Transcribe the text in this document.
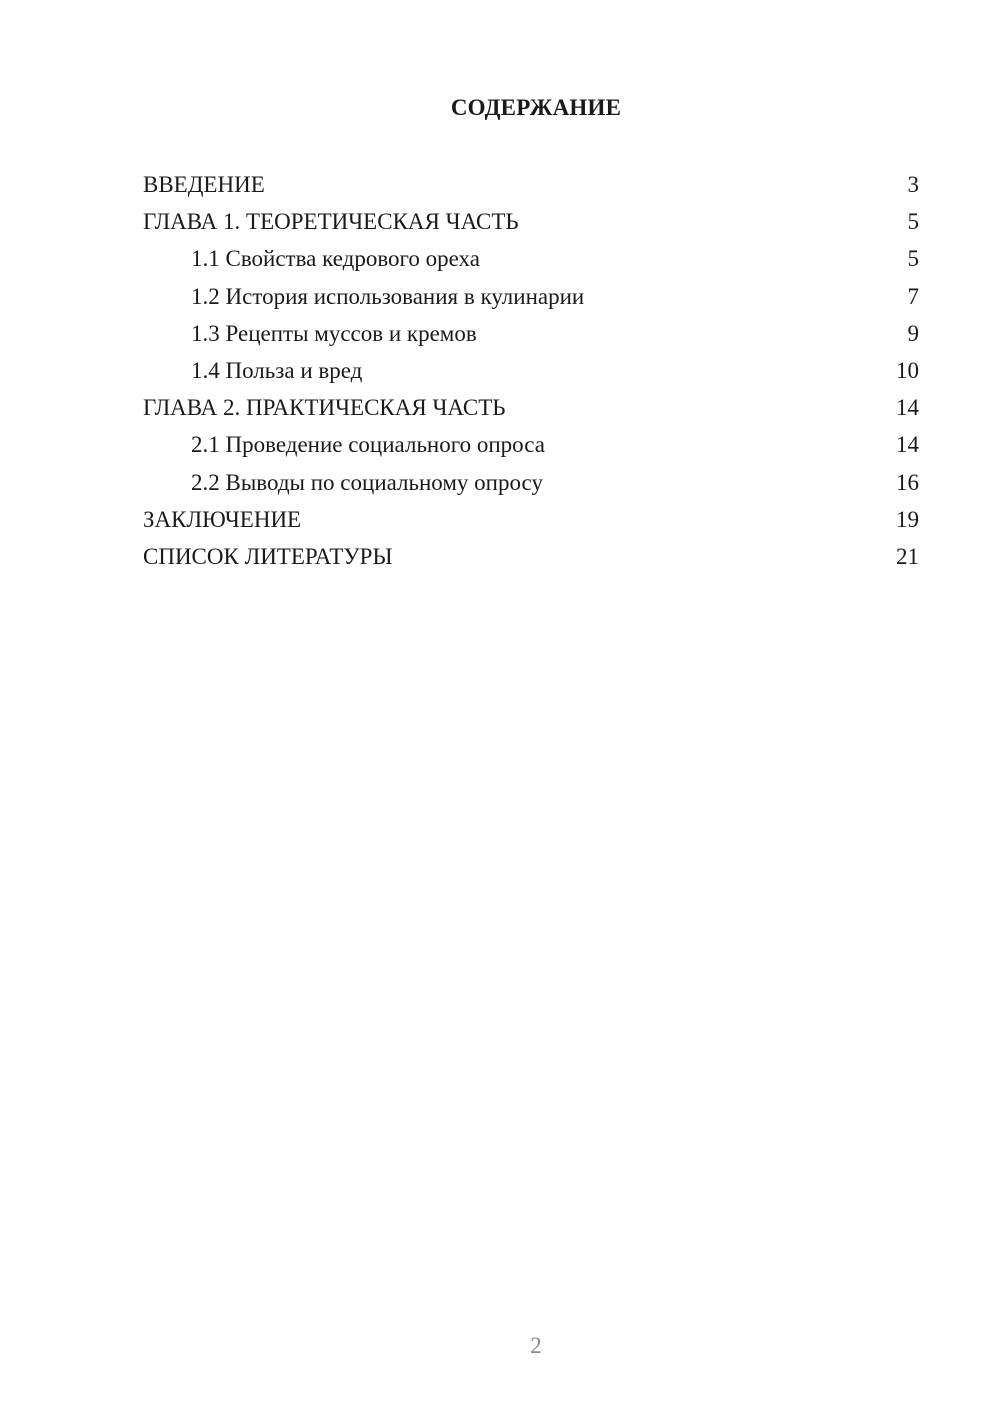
СОДЕРЖАНИЕ
ВВЕДЕНИЕ	3
ГЛАВА 1. ТЕОРЕТИЧЕСКАЯ ЧАСТЬ	5
1.1 Свойства кедрового ореха	5
1.2 История использования в кулинарии	7
1.3 Рецепты муссов и кремов	9
1.4 Польза и вред	10
ГЛАВА 2. ПРАКТИЧЕСКАЯ ЧАСТЬ	14
2.1 Проведение социального опроса	14
2.2 Выводы по социальному опросу	16
ЗАКЛЮЧЕНИЕ	19
СПИСОК ЛИТЕРАТУРЫ	21
2
